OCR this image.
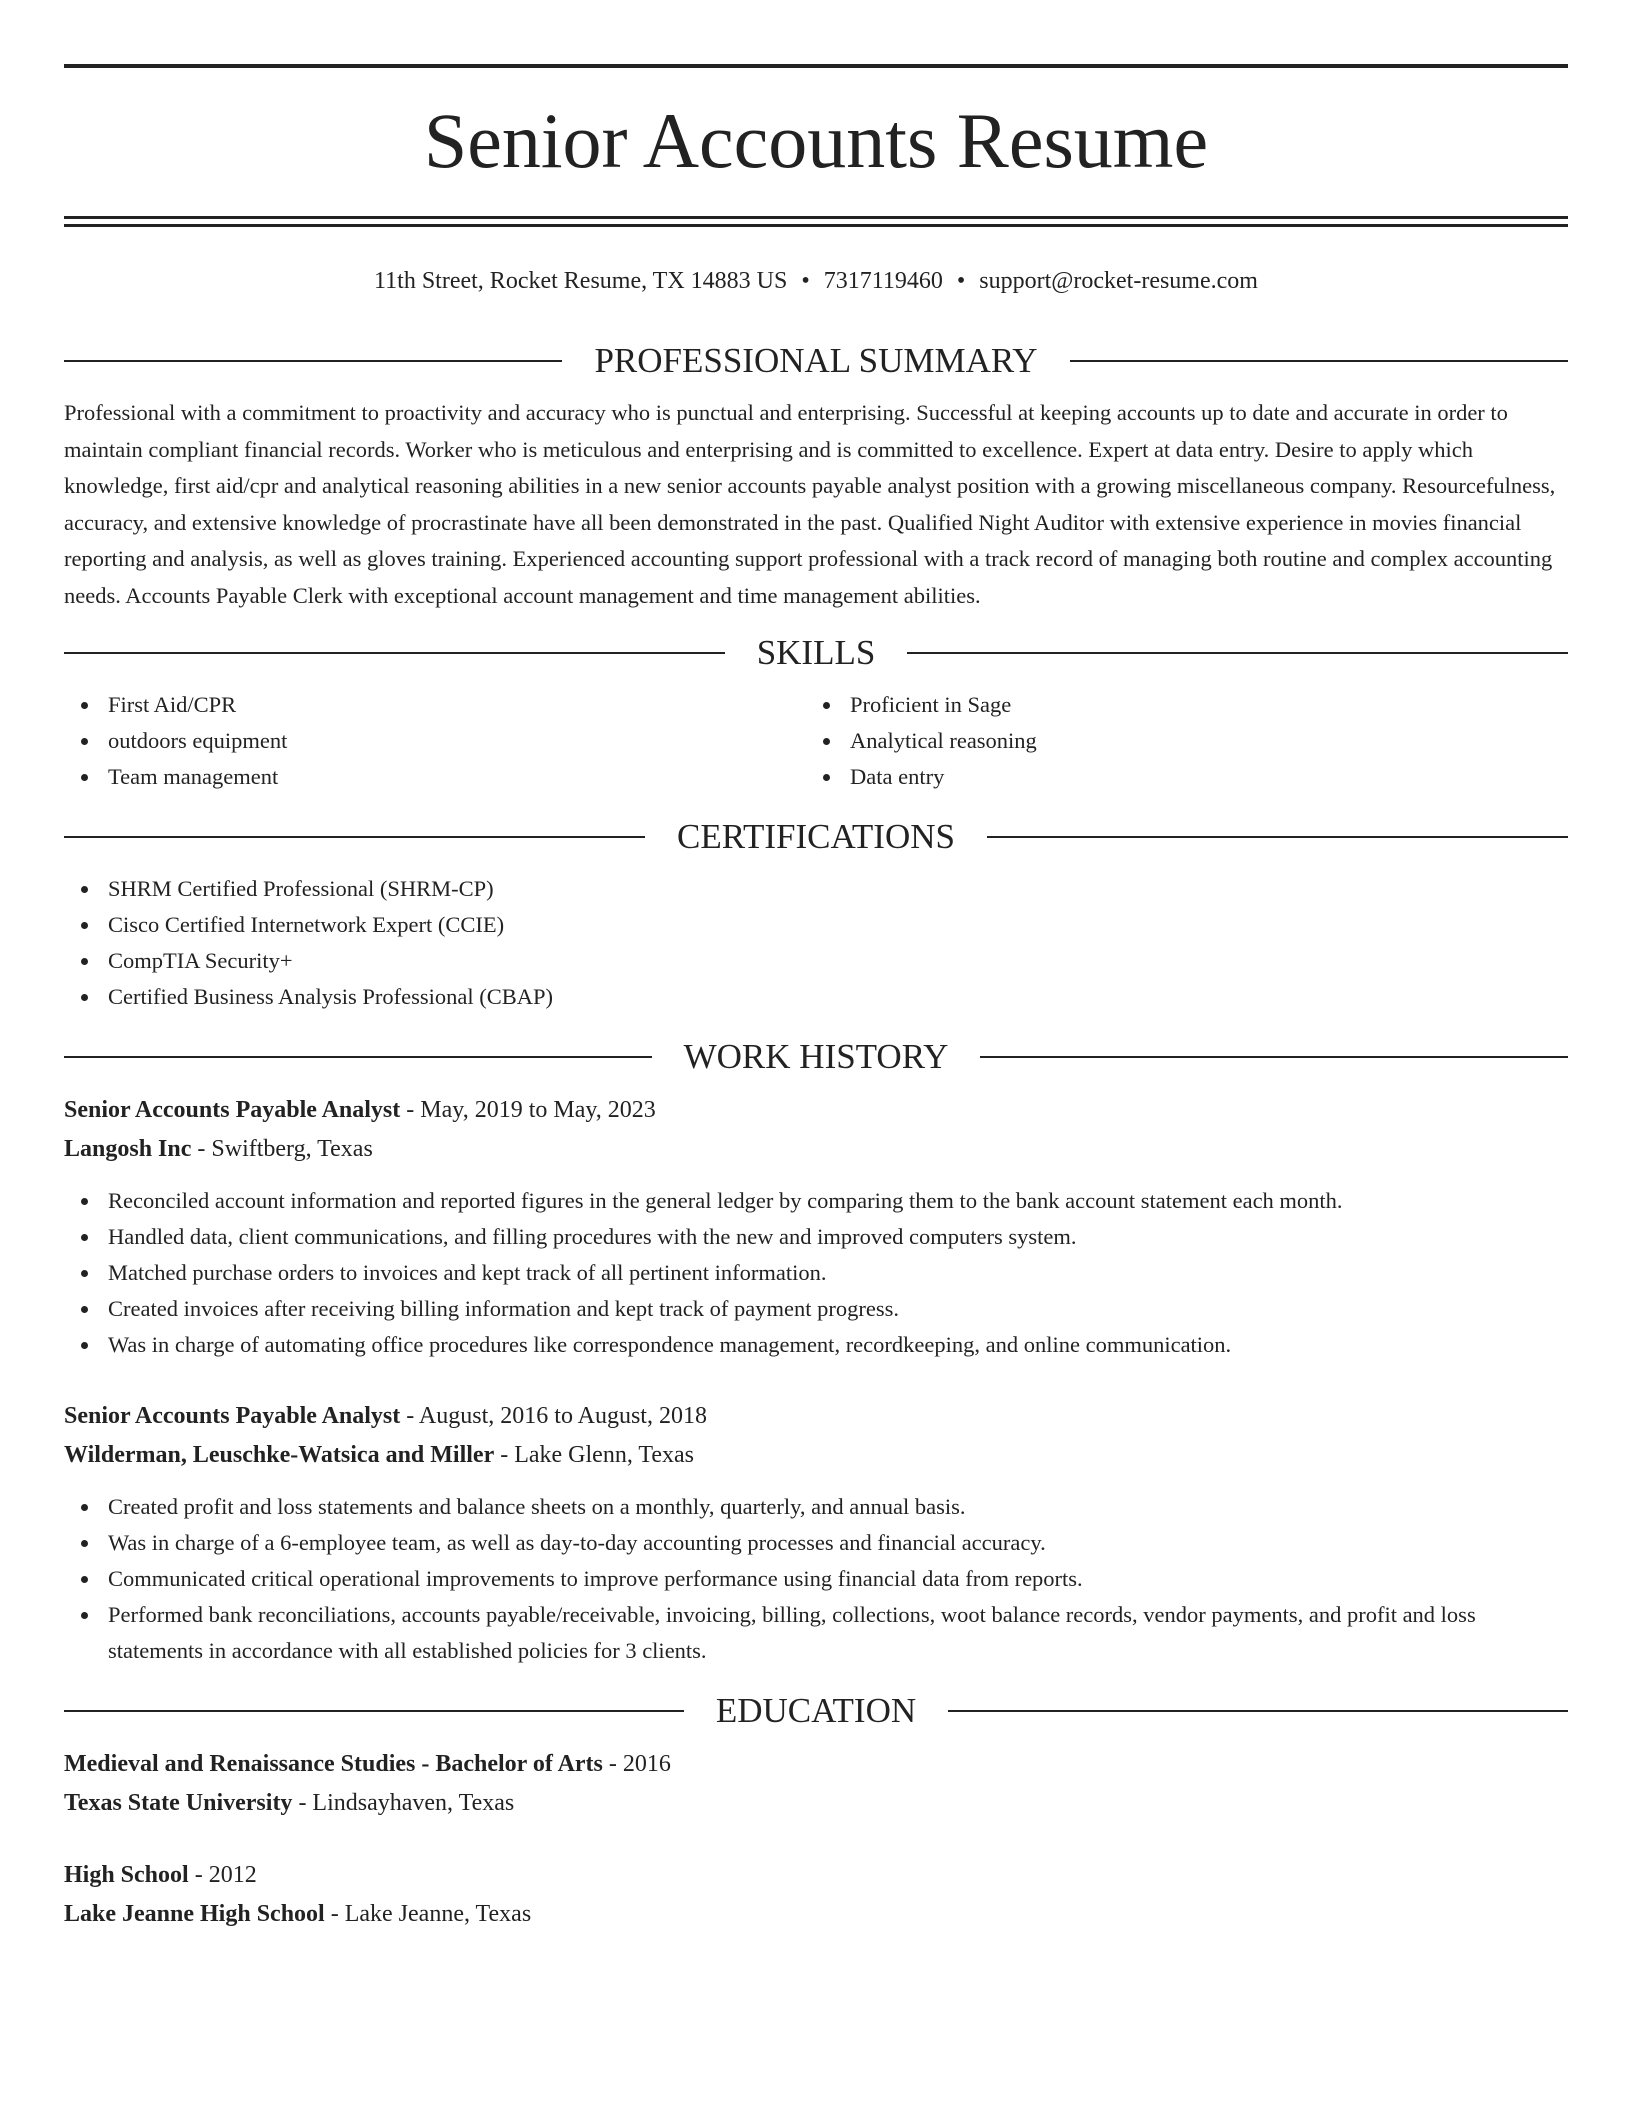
Senior Accounts Resume
11th Street, Rocket Resume, TX 14883 US • 7317119460 • support@rocket-resume.com
PROFESSIONAL SUMMARY

Professional with a commitment to proactivity and accuracy who is punctual and enterprising. Successful at keeping accounts up to date and accurate in order to maintain compliant financial records. Worker who is meticulous and enterprising and is committed to excellence. Expert at data entry. Desire to apply which knowledge, first aid/cpr and analytical reasoning abilities in a new senior accounts payable analyst position with a growing miscellaneous company. Resourcefulness, accuracy, and extensive knowledge of procrastinate have all been demonstrated in the past. Qualified Night Auditor with extensive experience in movies financial reporting and analysis, as well as gloves training. Experienced accounting support professional with a track record of managing both routine and complex accounting needs. Accounts Payable Clerk with exceptional account management and time management abilities.

SKILLS
First Aid/CPR
outdoors equipment
Team management
Proficient in Sage
Analytical reasoning
Data entry
CERTIFICATIONS
SHRM Certified Professional (SHRM-CP)
Cisco Certified Internetwork Expert (CCIE)
CompTIA Security+
Certified Business Analysis Professional (CBAP)
WORK HISTORY
Senior Accounts Payable Analyst - May, 2019 to May, 2023
Langosh Inc - Swiftberg, Texas
Reconciled account information and reported figures in the general ledger by comparing them to the bank account statement each month.
Handled data, client communications, and filling procedures with the new and improved computers system.
Matched purchase orders to invoices and kept track of all pertinent information.
Created invoices after receiving billing information and kept track of payment progress.
Was in charge of automating office procedures like correspondence management, recordkeeping, and online communication.
Senior Accounts Payable Analyst - August, 2016 to August, 2018
Wilderman, Leuschke-Watsica and Miller - Lake Glenn, Texas
Created profit and loss statements and balance sheets on a monthly, quarterly, and annual basis.
Was in charge of a 6-employee team, as well as day-to-day accounting processes and financial accuracy.
Communicated critical operational improvements to improve performance using financial data from reports.
Performed bank reconciliations, accounts payable/receivable, invoicing, billing, collections, woot balance records, vendor payments, and profit and loss statements in accordance with all established policies for 3 clients.
EDUCATION
Medieval and Renaissance Studies - Bachelor of Arts - 2016
Texas State University - Lindsayhaven, Texas
High School - 2012
Lake Jeanne High School - Lake Jeanne, Texas
